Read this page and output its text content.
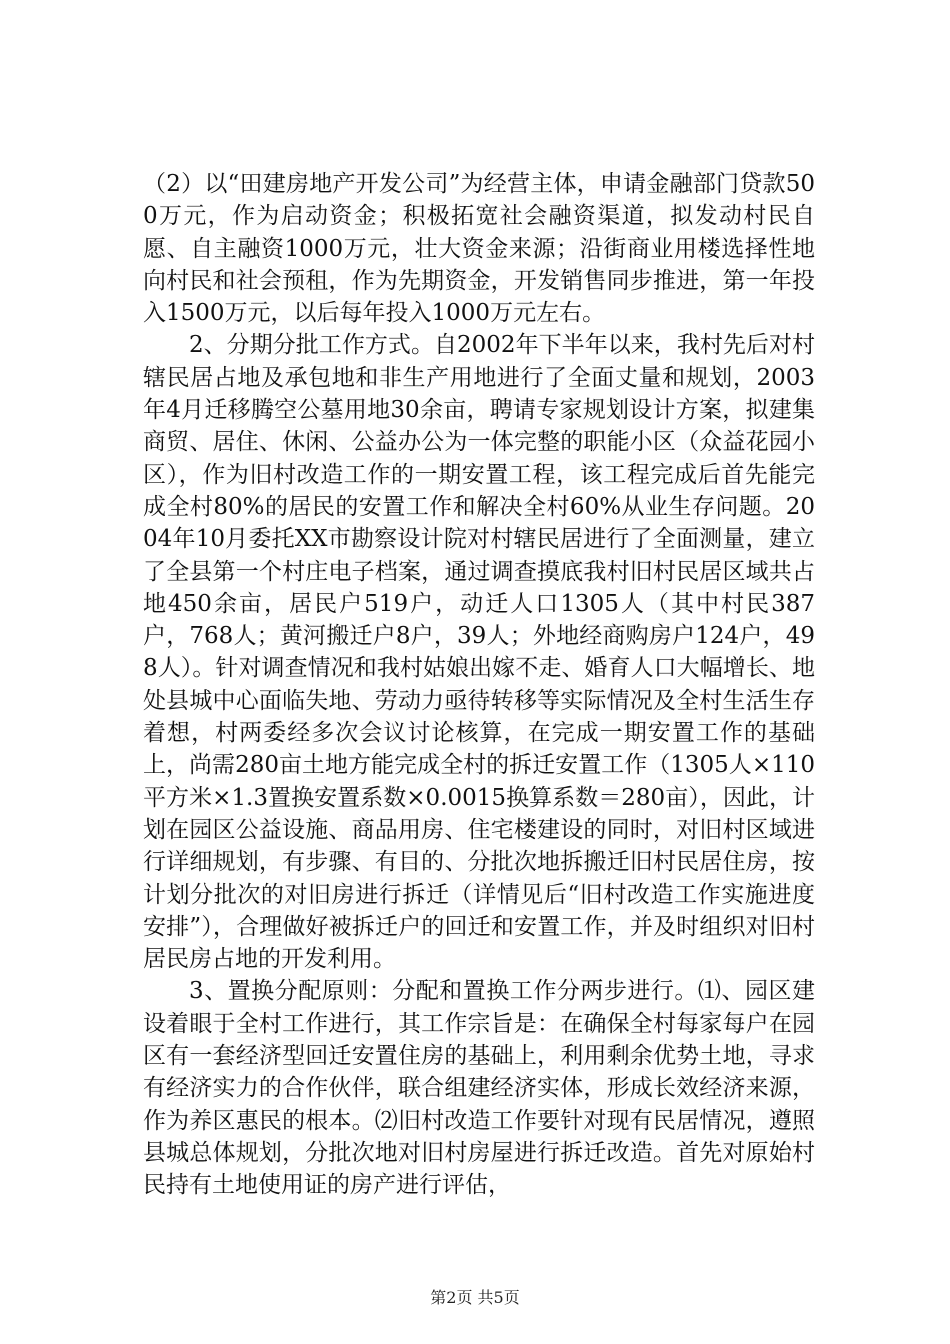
（2）以“田建房地产开发公司”为经营主体，申请金融部门贷款500万元，作为启动资金；积极拓宽社会融资渠道，拟发动村民自愿、自主融资1000万元，壮大资金来源；沿街商业用楼选择性地向村民和社会预租，作为先期资金，开发销售同步推进，第一年投入1500万元，以后每年投入1000万元左右。

2、分期分批工作方式。自2002年下半年以来，我村先后对村辖民居占地及承包地和非生产用地进行了全面丈量和规划，2003年4月迁移腾空公墓用地30余亩，聘请专家规划设计方案，拟建集商贸、居住、休闲、公益办公为一体完整的职能小区（众益花园小区），作为旧村改造工作的一期安置工程，该工程完成后首先能完成全村80%的居民的安置工作和解决全村60%从业生存问题。2004年10月委托XX市勘察设计院对村辖民居进行了全面测量，建立了全县第一个村庄电子档案，通过调查摸底我村旧村民居区域共占地450余亩，居民户519户，动迁人口1305人（其中村民387户，768人；黄河搬迁户8户，39人；外地经商购房户124户，498人）。针对调查情况和我村姑娘出嫁不走、婚育人口大幅增长、地处县城中心面临失地、劳动力亟待转移等实际情况及全村生活生存着想，村两委经多次会议讨论核算，在完成一期安置工作的基础上，尚需280亩土地方能完成全村的拆迁安置工作（1305人×110平方米×1.3置换安置系数×0.0015换算系数＝280亩），因此，计划在园区公益设施、商品用房、住宅楼建设的同时，对旧村区域进行详细规划，有步骤、有目的、分批次地拆搬迁旧村民居住房，按计划分批次的对旧房进行拆迁（详情见后“旧村改造工作实施进度安排”），合理做好被拆迁户的回迁和安置工作，并及时组织对旧村居民房占地的开发利用。

3、置换分配原则：分配和置换工作分两步进行。⑴、园区建设着眼于全村工作进行，其工作宗旨是：在确保全村每家每户在园区有一套经济型回迁安置住房的基础上，利用剩余优势土地，寻求有经济实力的合作伙伴，联合组建经济实体，形成长效经济来源，作为养区惠民的根本。⑵旧村改造工作要针对现有民居情况，遵照县城总体规划，分批次地对旧村房屋进行拆迁改造。首先对原始村民持有土地使用证的房产进行评估，

第2页 共5页
